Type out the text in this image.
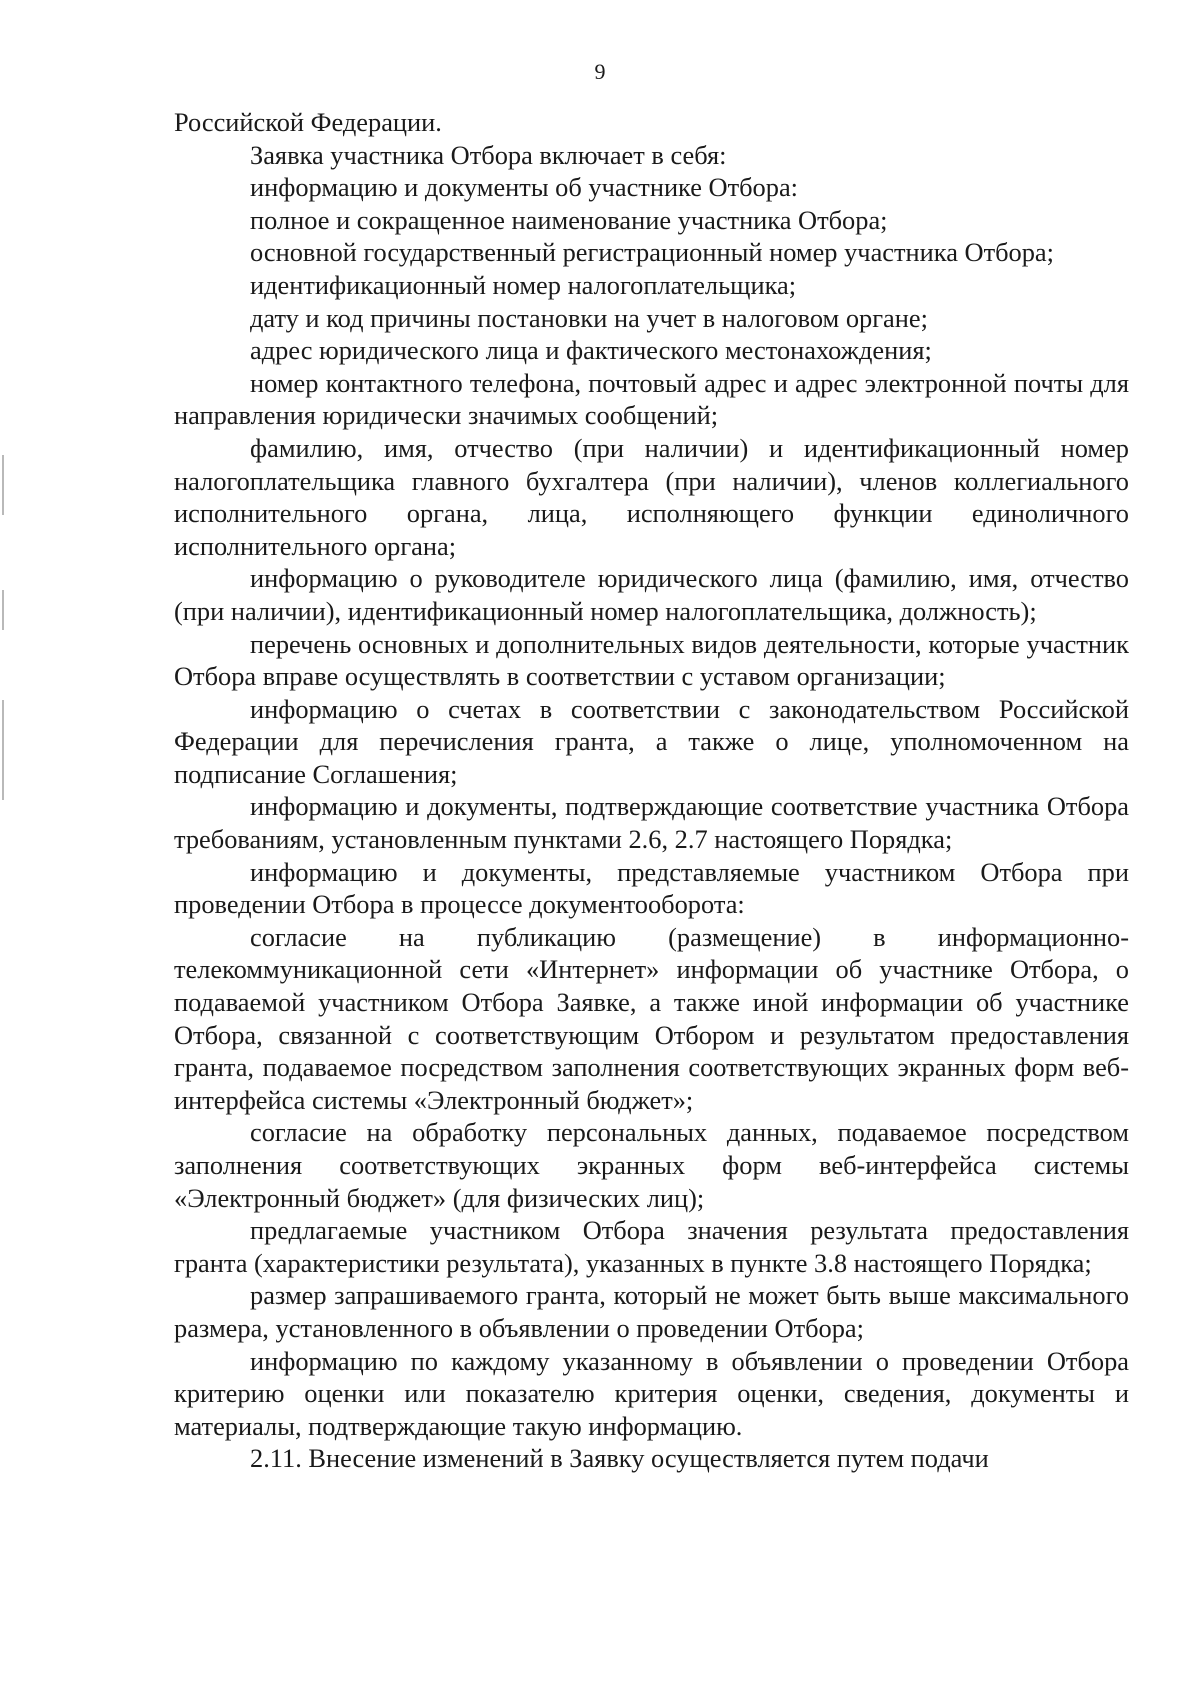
9

Российской Федерации.

Заявка участника Отбора включает в себя:

информацию и документы об участнике Отбора:

полное и сокращенное наименование участника Отбора;

основной государственный регистрационный номер участника Отбора;

идентификационный номер налогоплательщика;

дату и код причины постановки на учет в налоговом органе;

адрес юридического лица и фактического местонахождения;

номер контактного телефона, почтовый адрес и адрес электронной почты для направления юридически значимых сообщений;

фамилию, имя, отчество (при наличии) и идентификационный номер налогоплательщика главного бухгалтера (при наличии), членов коллегиального исполнительного органа, лица, исполняющего функции единоличного исполнительного органа;

информацию о руководителе юридического лица (фамилию, имя, отчество (при наличии), идентификационный номер налогоплательщика, должность);

перечень основных и дополнительных видов деятельности, которые участник Отбора вправе осуществлять в соответствии с уставом организации;

информацию о счетах в соответствии с законодательством Российской Федерации для перечисления гранта, а также о лице, уполномоченном на подписание Соглашения;

информацию и документы, подтверждающие соответствие участника Отбора требованиям, установленным пунктами 2.6, 2.7 настоящего Порядка;

информацию и документы, представляемые участником Отбора при проведении Отбора в процессе документооборота:

согласие на публикацию (размещение) в информационно-телекоммуникационной сети «Интернет» информации об участнике Отбора, о подаваемой участником Отбора Заявке, а также иной информации об участнике Отбора, связанной с соответствующим Отбором и результатом предоставления гранта, подаваемое посредством заполнения соответствующих экранных форм веб-интерфейса системы «Электронный бюджет»;

согласие на обработку персональных данных, подаваемое посредством заполнения соответствующих экранных форм веб-интерфейса системы «Электронный бюджет» (для физических лиц);

предлагаемые участником Отбора значения результата предоставления гранта (характеристики результата), указанных в пункте 3.8 настоящего Порядка;

размер запрашиваемого гранта, который не может быть выше максимального размера, установленного в объявлении о проведении Отбора;

информацию по каждому указанному в объявлении о проведении Отбора критерию оценки или показателю критерия оценки, сведения, документы и материалы, подтверждающие такую информацию.

2.11. Внесение изменений в Заявку осуществляется путем подачи
